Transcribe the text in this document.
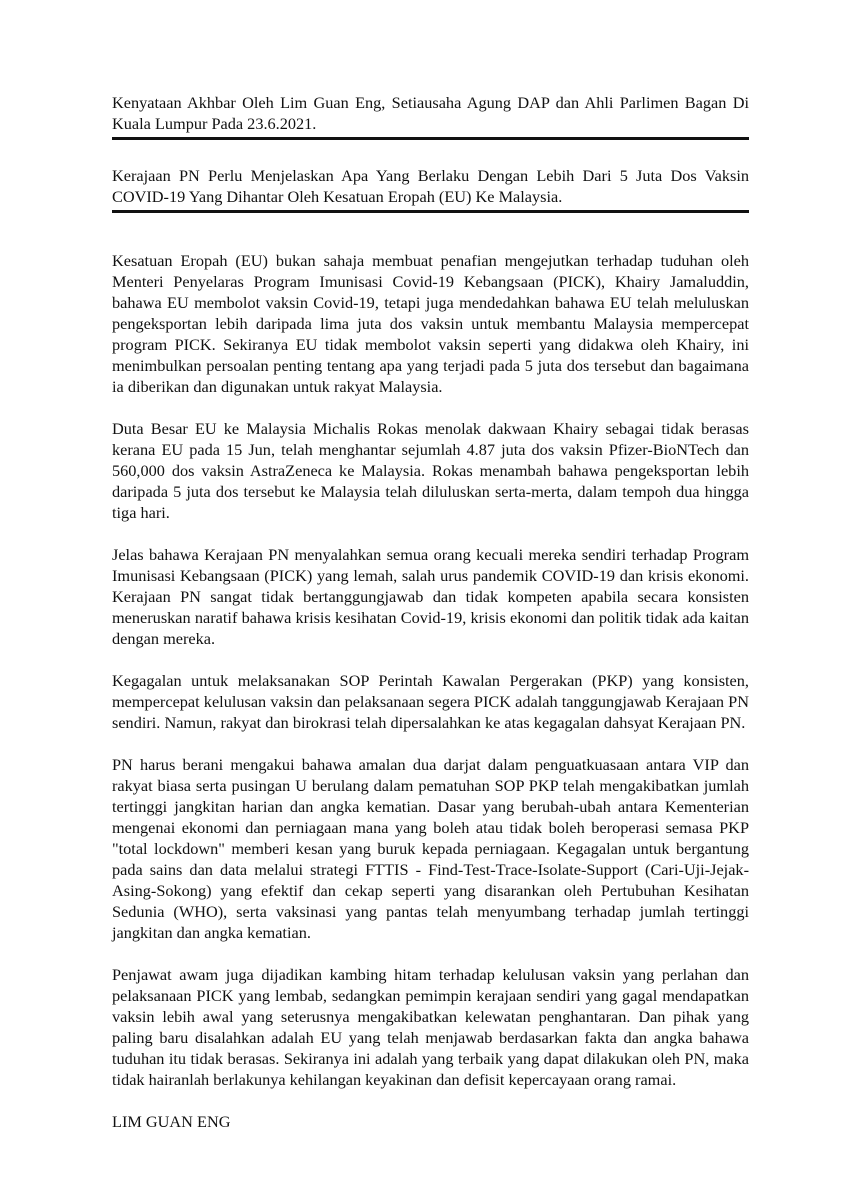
Kenyataan Akhbar Oleh Lim Guan Eng, Setiausaha Agung DAP dan Ahli Parlimen Bagan Di Kuala Lumpur Pada 23.6.2021.

Kerajaan PN Perlu Menjelaskan Apa Yang Berlaku Dengan Lebih Dari 5 Juta Dos Vaksin COVID-19 Yang Dihantar Oleh Kesatuan Eropah (EU) Ke Malaysia.

Kesatuan Eropah (EU) bukan sahaja membuat penafian mengejutkan terhadap tuduhan oleh Menteri Penyelaras Program Imunisasi Covid-19 Kebangsaan (PICK), Khairy Jamaluddin, bahawa EU membolot vaksin Covid-19, tetapi juga mendedahkan bahawa EU telah meluluskan pengeksportan lebih daripada lima juta dos vaksin untuk membantu Malaysia mempercepat program PICK. Sekiranya EU tidak membolot vaksin seperti yang didakwa oleh Khairy, ini menimbulkan persoalan penting tentang apa yang terjadi pada 5 juta dos tersebut dan bagaimana ia diberikan dan digunakan untuk rakyat Malaysia.

Duta Besar EU ke Malaysia Michalis Rokas menolak dakwaan Khairy sebagai tidak berasas kerana EU pada 15 Jun, telah menghantar sejumlah 4.87 juta dos vaksin Pfizer-BioNTech dan 560,000 dos vaksin AstraZeneca ke Malaysia. Rokas menambah bahawa pengeksportan lebih daripada 5 juta dos tersebut ke Malaysia telah diluluskan serta-merta, dalam tempoh dua hingga tiga hari.

Jelas bahawa Kerajaan PN menyalahkan semua orang kecuali mereka sendiri terhadap Program Imunisasi Kebangsaan (PICK) yang lemah, salah urus pandemik COVID-19 dan krisis ekonomi. Kerajaan PN sangat tidak bertanggungjawab dan tidak kompeten apabila secara konsisten meneruskan naratif bahawa krisis kesihatan Covid-19, krisis ekonomi dan politik tidak ada kaitan dengan mereka.

Kegagalan untuk melaksanakan SOP Perintah Kawalan Pergerakan (PKP) yang konsisten, mempercepat kelulusan vaksin dan pelaksanaan segera PICK adalah tanggungjawab Kerajaan PN sendiri. Namun, rakyat dan birokrasi telah dipersalahkan ke atas kegagalan dahsyat Kerajaan PN.

PN harus berani mengakui bahawa amalan dua darjat dalam penguatkuasaan antara VIP dan rakyat biasa serta pusingan U berulang dalam pematuhan SOP PKP telah mengakibatkan jumlah tertinggi jangkitan harian dan angka kematian. Dasar yang berubah-ubah antara Kementerian mengenai ekonomi dan perniagaan mana yang boleh atau tidak boleh beroperasi semasa PKP "total lockdown" memberi kesan yang buruk kepada perniagaan. Kegagalan untuk bergantung pada sains dan data melalui strategi FTTIS - Find-Test-Trace-Isolate-Support (Cari-Uji-Jejak-Asing-Sokong) yang efektif dan cekap seperti yang disarankan oleh Pertubuhan Kesihatan Sedunia (WHO), serta vaksinasi yang pantas telah menyumbang terhadap jumlah tertinggi jangkitan dan angka kematian.

Penjawat awam juga dijadikan kambing hitam terhadap kelulusan vaksin yang perlahan dan pelaksanaan PICK yang lembab, sedangkan pemimpin kerajaan sendiri yang gagal mendapatkan vaksin lebih awal yang seterusnya mengakibatkan kelewatan penghantaran. Dan pihak yang paling baru disalahkan adalah EU yang telah menjawab berdasarkan fakta dan angka bahawa tuduhan itu tidak berasas. Sekiranya ini adalah yang terbaik yang dapat dilakukan oleh PN, maka tidak hairanlah berlakunya kehilangan keyakinan dan defisit kepercayaan orang ramai.

LIM GUAN ENG
